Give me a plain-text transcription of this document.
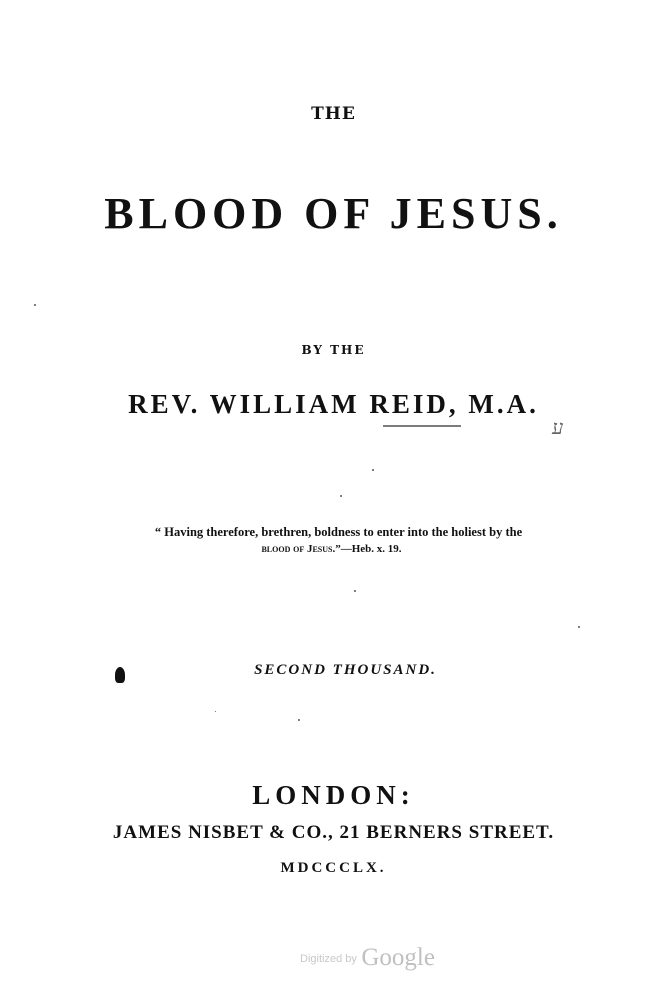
THE
BLOOD OF JESUS.
BY THE
REV. WILLIAM REID, M.A.
ע
“ Having therefore, brethren, boldness to enter into the holiest by the
blood of Jesus.”—Heb. x. 19.
SECOND THOUSAND.
LONDON:
JAMES NISBET & CO., 21 BERNERS STREET.
MDCCCLX.
Digitized by Google
